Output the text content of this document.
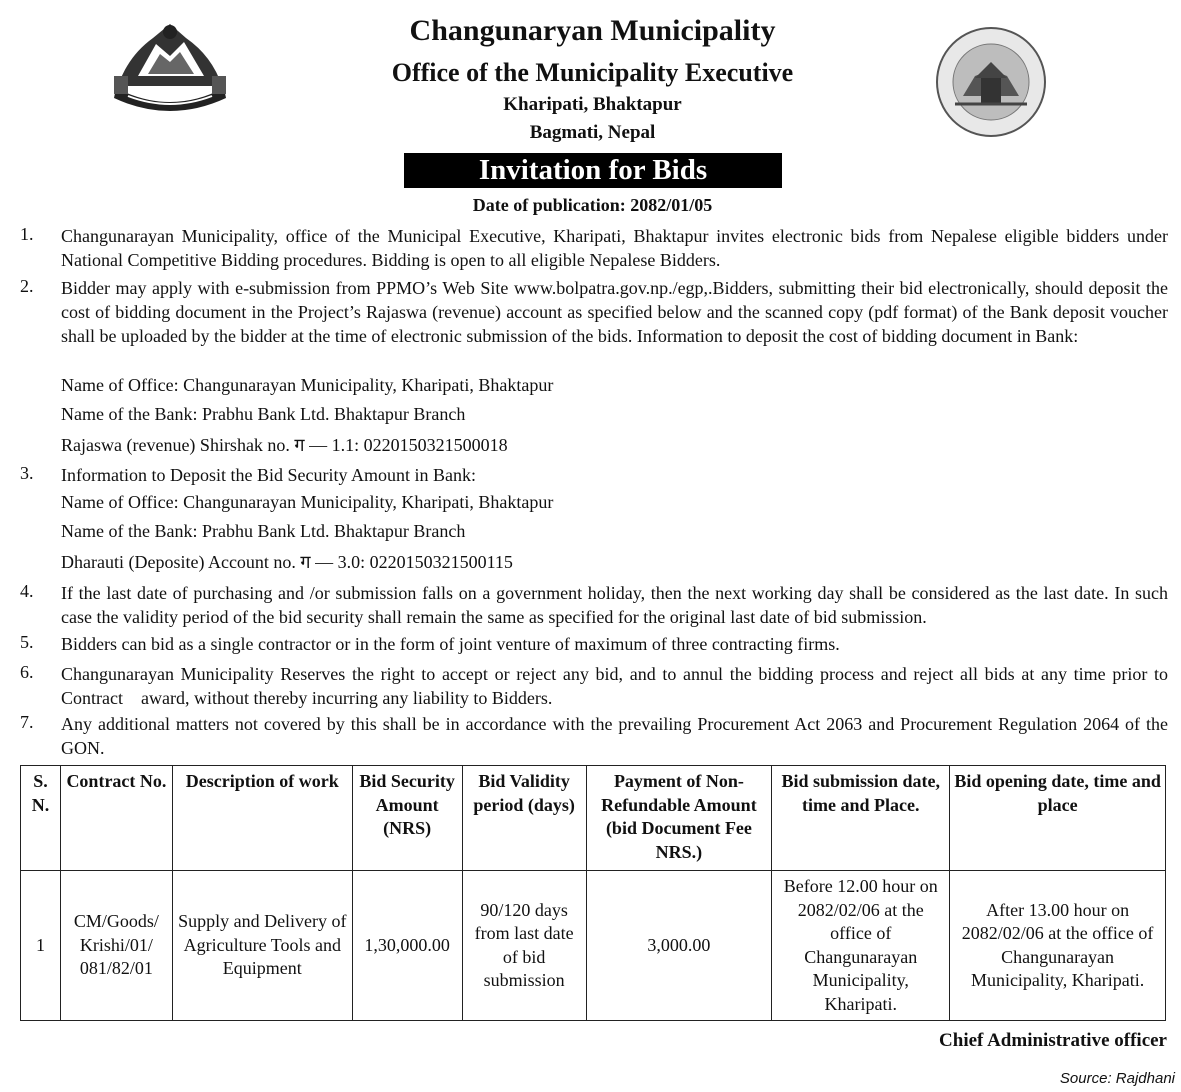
Changunaryan Municipality
Office of the Municipality Executive
Kharipati, Bhaktapur
Bagmati, Nepal
Invitation for Bids
Date of publication: 2082/01/05
1. Changunarayan Municipality, office of the Municipal Executive, Kharipati, Bhaktapur invites electronic bids from Nepalese eligible bidders under National Competitive Bidding procedures. Bidding is open to all eligible Nepalese Bidders.
2. Bidder may apply with e-submission from PPMO’s Web Site www.bolpatra.gov.np./egp,.Bidders, submitting their bid electronically, should deposit the cost of bidding document in the Project’s Rajaswa (revenue) account as specified below and the scanned copy (pdf format) of the Bank deposit voucher shall be uploaded by the bidder at the time of electronic submission of the bids. Information to deposit the cost of bidding document in Bank:
Name of Office: Changunarayan Municipality, Kharipati, Bhaktapur
Name of the Bank: Prabhu Bank Ltd. Bhaktapur Branch
Rajaswa (revenue) Shirshak no. ग — 1.1: 0220150321500018
3. Information to Deposit the Bid Security Amount in Bank:
Name of Office: Changunarayan Municipality, Kharipati, Bhaktapur
Name of the Bank: Prabhu Bank Ltd. Bhaktapur Branch
Dharauti (Deposite) Account no. ग — 3.0: 0220150321500115
4. If the last date of purchasing and /or submission falls on a government holiday, then the next working day shall be considered as the last date. In such case the validity period of the bid security shall remain the same as specified for the original last date of bid submission.
5. Bidders can bid as a single contractor or in the form of joint venture of maximum of three contracting firms.
6. Changunarayan Municipality Reserves the right to accept or reject any bid, and to annul the bidding process and reject all bids at any time prior to Contract    award, without thereby incurring any liability to Bidders.
7. Any additional matters not covered by this shall be in accordance with the prevailing Procurement Act 2063 and Procurement Regulation 2064 of the GON.
S. N.	Contract No.	Description of work	Bid Security Amount (NRS)	Bid Validity period (days)	Payment of Non-Refundable Amount (bid Document Fee NRS.)	Bid submission date, time and Place.	Bid opening date, time and place
1	CM/Goods/ Krishi/01/ 081/82/01	Supply and Delivery of Agriculture Tools and Equipment	1,30,000.00	90/120 days from last date of bid submission	3,000.00	Before 12.00 hour on 2082/02/06 at the office of Changunarayan Municipality, Kharipati.	After 13.00 hour on 2082/02/06 at the office of Changunarayan Municipality, Kharipati.
Chief Administrative officer
Source: Rajdhani
